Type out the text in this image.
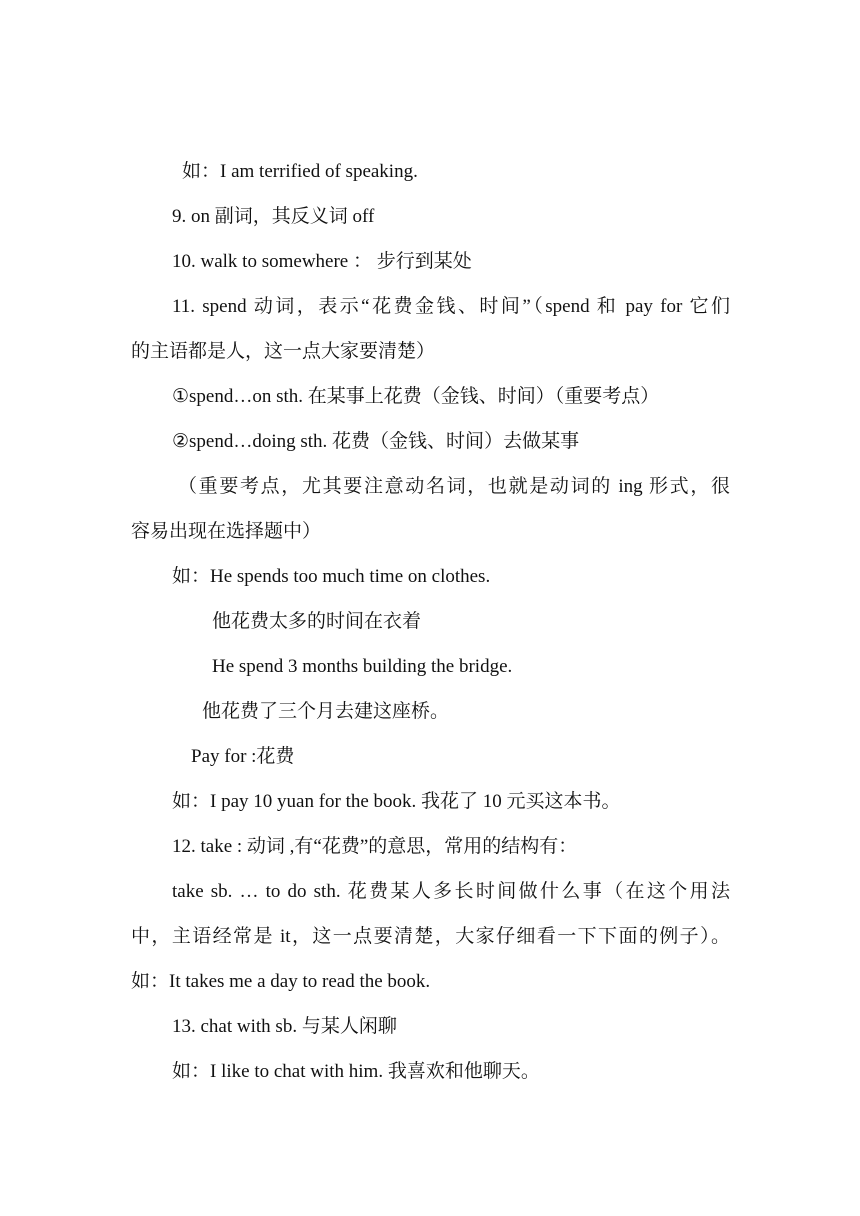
如：I am terrified of speaking.
9. on 副词，其反义词 off
10. walk to somewhere ： 步行到某处
11. spend 动词，表示“花费金钱、时间”（spend 和 pay for 它们
的主语都是人，这一点大家要清楚）
①spend…on sth. 在某事上花费（金钱、时间）（重要考点）
②spend…doing sth. 花费（金钱、时间）去做某事
（重要考点，尤其要注意动名词，也就是动词的 ing 形式，很
容易出现在选择题中）
如：He spends too much time on clothes.
他花费太多的时间在衣着
He spend 3 months building the bridge.
他花费了三个月去建这座桥。
Pay for :花费
如：I pay 10 yuan for the book. 我花了 10 元买这本书。
12. take : 动词 ,有“花费”的意思，常用的结构有：
take sb. … to do sth. 花费某人多长时间做什么事（在这个用法
中，主语经常是 it，这一点要清楚，大家仔细看一下下面的例子）。
如：It takes me a day to read the book.
13. chat with sb. 与某人闲聊
如：I like to chat with him. 我喜欢和他聊天。
